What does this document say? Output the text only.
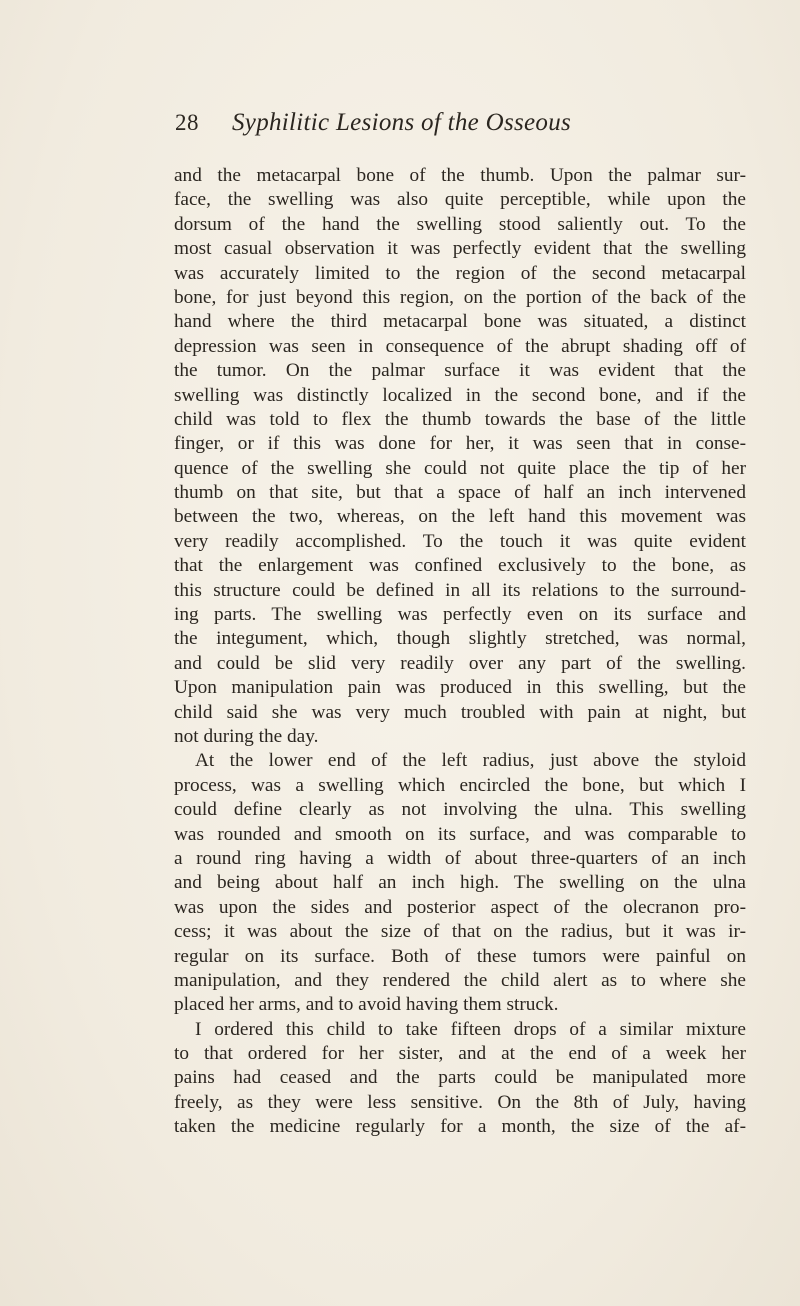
28 Syphilitic Lesions of the Osseous
and the metacarpal bone of the thumb. Upon the palmar sur-
face, the swelling was also quite perceptible, while upon the
dorsum of the hand the swelling stood saliently out. To the
most casual observation it was perfectly evident that the swelling
was accurately limited to the region of the second metacarpal
bone, for just beyond this region, on the portion of the back of the
hand where the third metacarpal bone was situated, a distinct
depression was seen in consequence of the abrupt shading off of
the tumor. On the palmar surface it was evident that the
swelling was distinctly localized in the second bone, and if the
child was told to flex the thumb towards the base of the little
finger, or if this was done for her, it was seen that in conse-
quence of the swelling she could not quite place the tip of her
thumb on that site, but that a space of half an inch intervened
between the two, whereas, on the left hand this movement was
very readily accomplished. To the touch it was quite evident
that the enlargement was confined exclusively to the bone, as
this structure could be defined in all its relations to the surround-
ing parts. The swelling was perfectly even on its surface and
the integument, which, though slightly stretched, was normal,
and could be slid very readily over any part of the swelling.
Upon manipulation pain was produced in this swelling, but the
child said she was very much troubled with pain at night, but
not during the day.
At the lower end of the left radius, just above the styloid
process, was a swelling which encircled the bone, but which I
could define clearly as not involving the ulna. This swelling
was rounded and smooth on its surface, and was comparable to
a round ring having a width of about three-quarters of an inch
and being about half an inch high. The swelling on the ulna
was upon the sides and posterior aspect of the olecranon pro-
cess; it was about the size of that on the radius, but it was ir-
regular on its surface. Both of these tumors were painful on
manipulation, and they rendered the child alert as to where she
placed her arms, and to avoid having them struck.
I ordered this child to take fifteen drops of a similar mixture
to that ordered for her sister, and at the end of a week her
pains had ceased and the parts could be manipulated more
freely, as they were less sensitive. On the 8th of July, having
taken the medicine regularly for a month, the size of the af-
